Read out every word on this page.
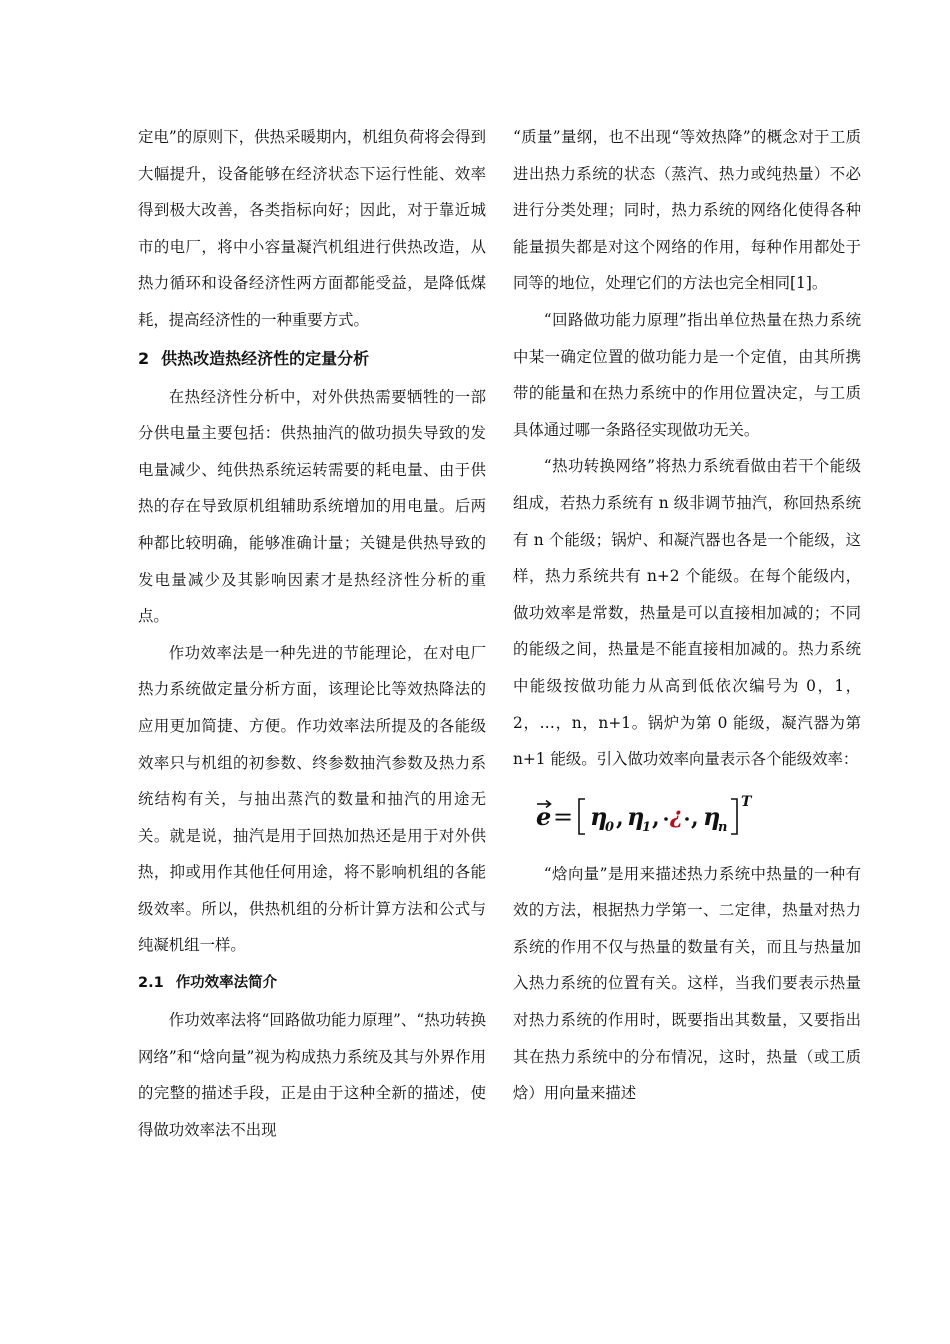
定电”的原则下，供热采暖期内，机组负荷将会得到大幅提升，设备能够在经济状态下运行性能、效率得到极大改善，各类指标向好；因此，对于靠近城市的电厂，将中小容量凝汽机组进行供热改造，从热力循环和设备经济性两方面都能受益，是降低煤耗，提高经济性的一种重要方式。

2 供热改造热经济性的定量分析

在热经济性分析中，对外供热需要牺牲的一部分供电量主要包括：供热抽汽的做功损失导致的发电量减少、纯供热系统运转需要的耗电量、由于供热的存在导致原机组辅助系统增加的用电量。后两种都比较明确，能够准确计量；关键是供热导致的发电量减少及其影响因素才是热经济性分析的重点。

作功效率法是一种先进的节能理论，在对电厂热力系统做定量分析方面，该理论比等效热降法的应用更加简捷、方便。作功效率法所提及的各能级效率只与机组的初参数、终参数抽汽参数及热力系统结构有关，与抽出蒸汽的数量和抽汽的用途无关。就是说，抽汽是用于回热加热还是用于对外供热，抑或用作其他任何用途，将不影响机组的各能级效率。所以，供热机组的分析计算方法和公式与纯凝机组一样。

2.1 作功效率法简介

作功效率法将“回路做功能力原理”、“热功转换网络”和“焓向量”视为构成热力系统及其与外界作用的完整的描述手段，正是由于这种全新的描述，使得做功效率法不出现

“质量”量纲，也不出现“等效热降”的概念对于工质进出热力系统的状态（蒸汽、热力或纯热量）不必进行分类处理；同时，热力系统的网络化使得各种能量损失都是对这个网络的作用，每种作用都处于同等的地位，处理它们的方法也完全相同[1]。

“回路做功能力原理”指出单位热量在热力系统中某一确定位置的做功能力是一个定值，由其所携带的能量和在热力系统中的作用位置决定，与工质具体通过哪一条路径实现做功无关。

“热功转换网络”将热力系统看做由若干个能级组成，若热力系统有 n 级非调节抽汽，称回热系统有 n 个能级；锅炉、和凝汽器也各是一个能级，这样，热力系统共有 n+2 个能级。在每个能级内，做功效率是常数，热量是可以直接相加减的；不同的能级之间，热量是不能直接相加减的。热力系统中能级按做功能力从高到低依次编号为 0，1，2，…，n，n+1。锅炉为第 0 能级，凝汽器为第 n+1 能级。引入做功效率向量表示各个能级效率：

e = η
0 , η
1 , ¿ , η
n
T

“焓向量”是用来描述热力系统中热量的一种有效的方法，根据热力学第一、二定律，热量对热力系统的作用不仅与热量的数量有关，而且与热量加入热力系统的位置有关。这样，当我们要表示热量对热力系统的作用时，既要指出其数量，又要指出其在热力系统中的分布情况，这时，热量（或工质焓）用向量来描述
